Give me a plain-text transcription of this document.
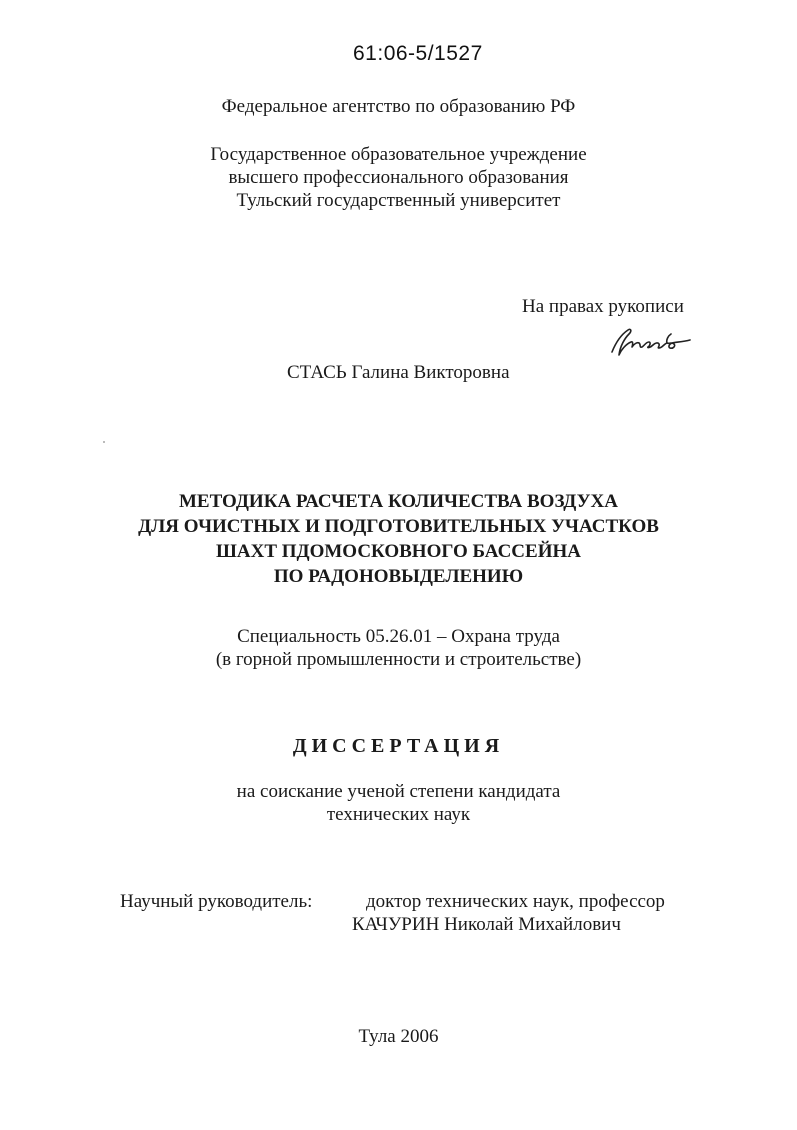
61:06-5/1527
Федеральное агентство по образованию РФ
Государственное образовательное учреждение
высшего профессионального образования
Тульский государственный университет
На правах рукописи
СТАСЬ Галина Викторовна
МЕТОДИКА РАСЧЕТА КОЛИЧЕСТВА ВОЗДУХА
ДЛЯ ОЧИСТНЫХ И ПОДГОТОВИТЕЛЬНЫХ УЧАСТКОВ
ШАХТ ПДОМОСКОВНОГО БАССЕЙНА
ПО РАДОНОВЫДЕЛЕНИЮ
Специальность 05.26.01 – Охрана труда
(в горной промышленности и строительстве)
ДИССЕРТАЦИЯ
на соискание ученой степени кандидата
технических наук
Научный руководитель:	доктор технических наук, профессор
КАЧУРИН Николай Михайлович
Тула 2006
